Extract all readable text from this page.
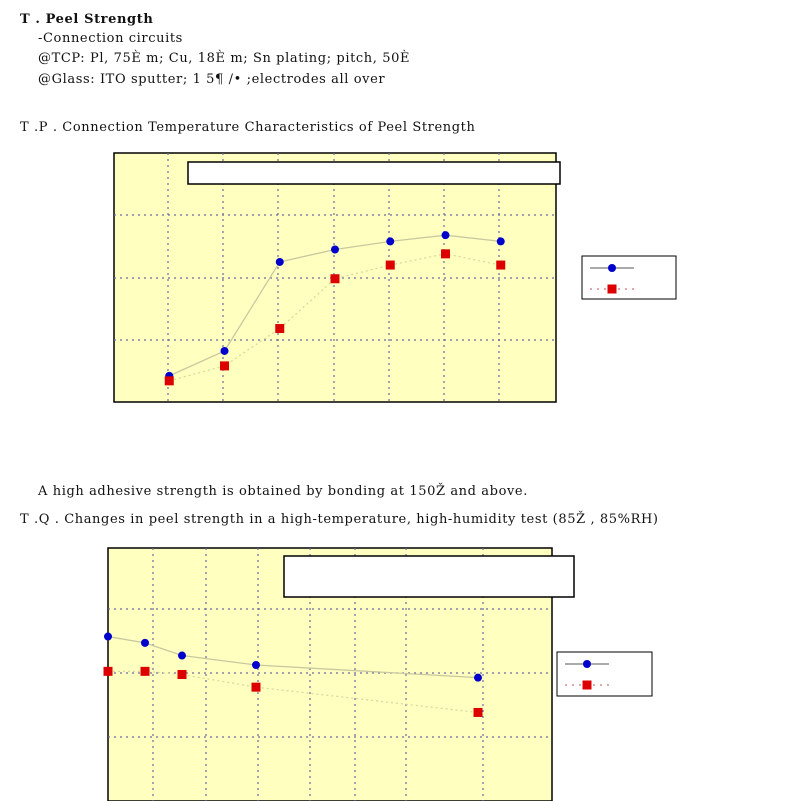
T . Peel Strength
-Connection circuits
@TCP: Pl, 75È m; Cu, 18È m; Sn plating; pitch, 50È
@Glass: ITO sputter; 1 5¶ /• ;electrodes all over
T .P . Connection Temperature Characteristics of Peel Strength
A high adhesive strength is obtained by bonding at 150Ž and above.
T .Q . Changes in peel strength in a high-temperature, high-humidity test (85Ž , 85%RH)
